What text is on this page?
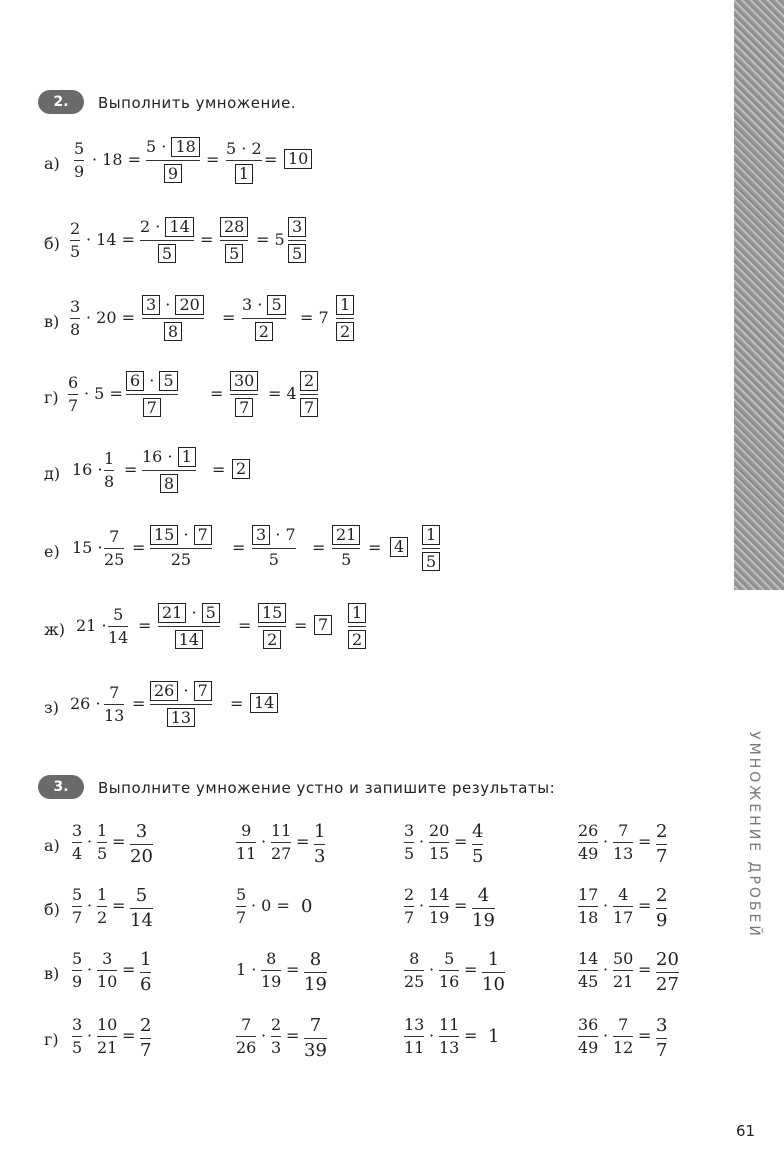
УМНОЖЕНИЕ ДРОБЕЙ
61
2.	Выполнить умножение.
а)
5
9
· 18 =
5 · 18
9
=
5 · 2
1
= 10
б)
2
5
· 14 =
2 · 14
5
=
28
5
= 5
3
5
в)
3
8
· 20 =
3 · 20
8
=
3 · 5
2
= 7
1
2
г)
6
7
· 5 =
6 · 5
7
=
30
7
= 4
2
7
д) 16 ·
1
8
=
16 · 1
8
= 2
е) 15 ·
7
25
=
15 · 7
25
=
3 · 7
5
=
21
5
= 4
1
5
ж) 21 ·
5
14
=
21 · 5
14
=
15
2
= 7
1
2
з) 26 ·
7
13
=
26 · 7
13
= 14
3.	Выполните умножение устно и запишите результаты:
а)
3
4
·
1
5
= 3
20
9
11
·
11
27
= 1
3
3
5
·
20
15
= 4
5
26
49
·
7
13
= 2
7
б)
5
7
·
1
2
= 5
14
5
7
· 0 = 0
2
7
·
14
19
= 4
19
17
18
·
4
17
= 2
9
в)
5
9
·
3
10
= 1
6
1 ·
8
19
= 8
19
8
25
·
5
16
= 1
10
14
45
·
50
21
= 20
27
г)
3
5
·
10
21
= 2
7
7
26
·
2
3
= 7
39
13
11
·
11
13
= 1
36
49
·
7
12
= 3
7
